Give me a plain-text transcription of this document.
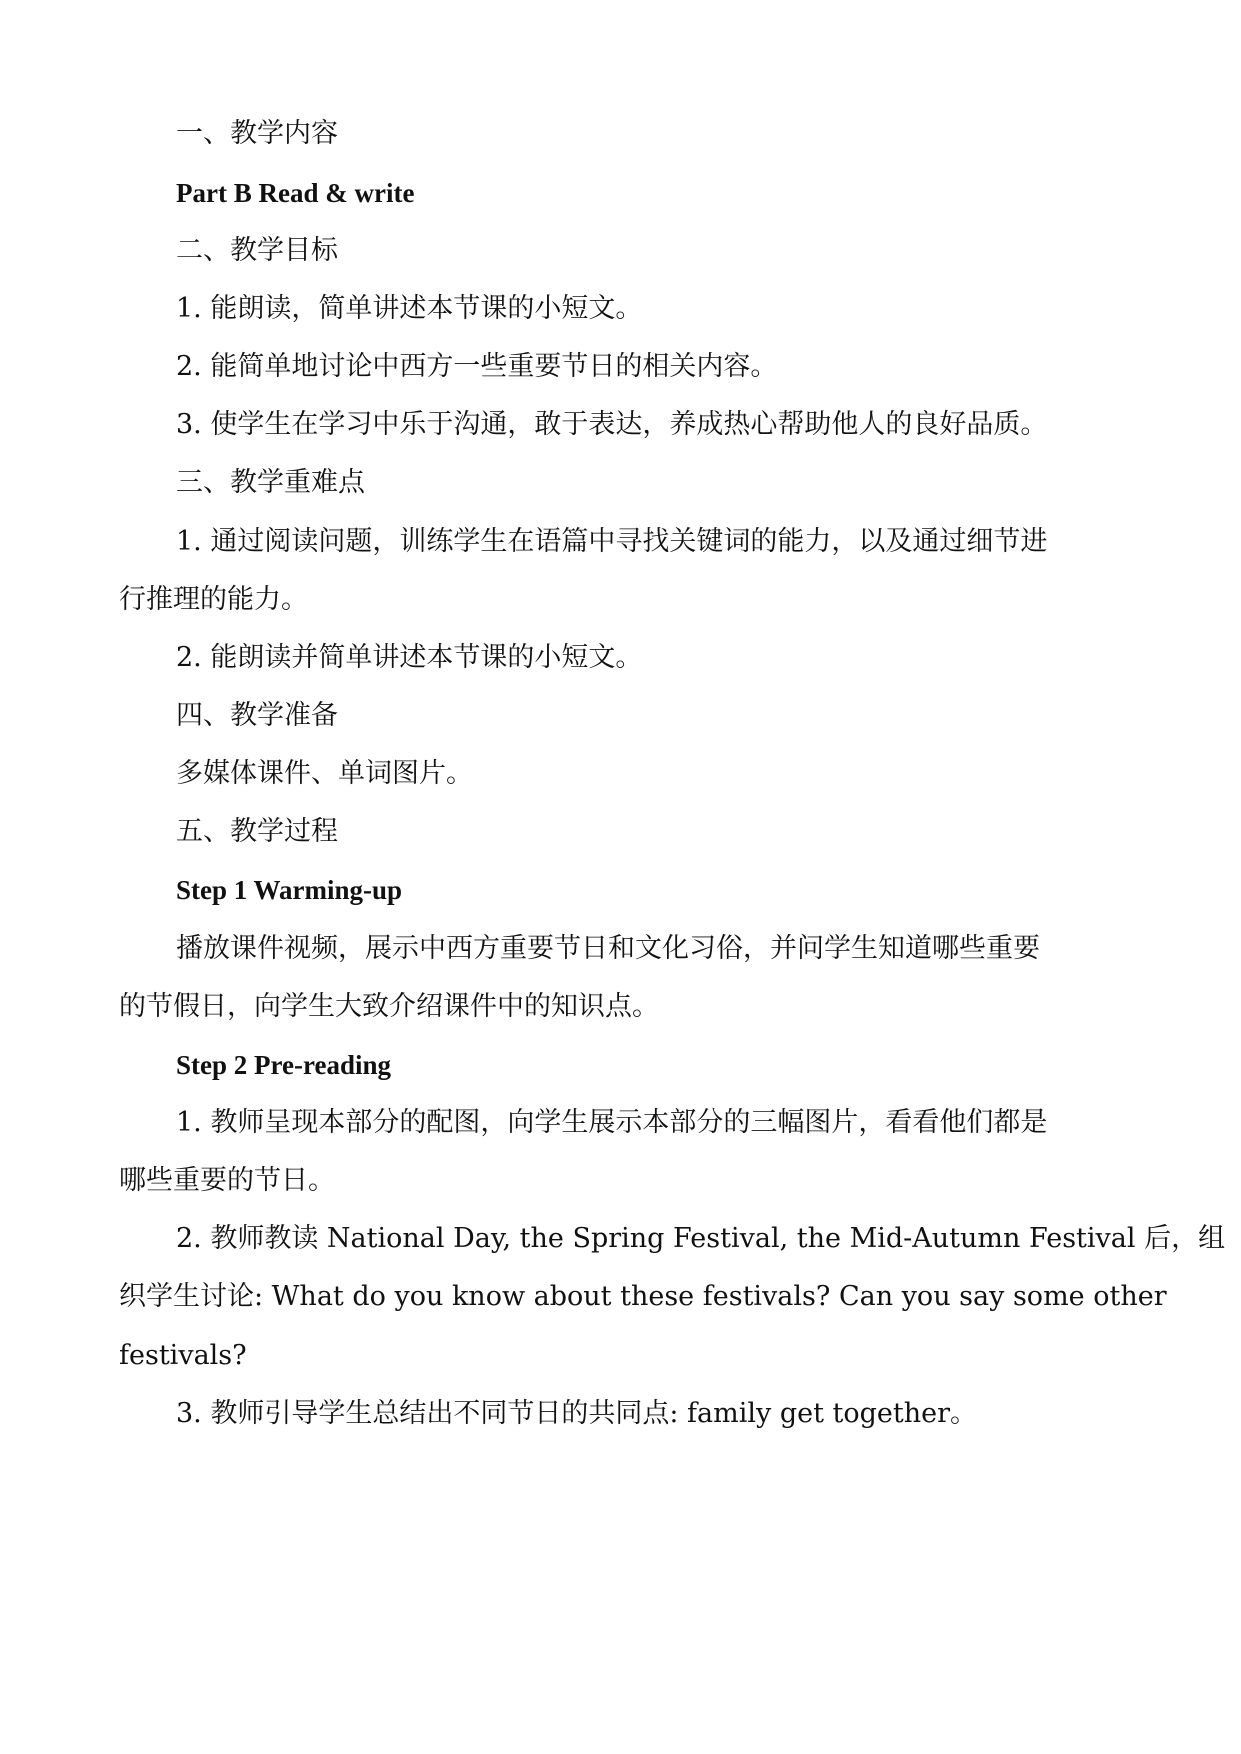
一、教学内容
Part B Read & write
二、教学目标
1. 能朗读，简单讲述本节课的小短文。
2. 能简单地讨论中西方一些重要节日的相关内容。
3. 使学生在学习中乐于沟通，敢于表达，养成热心帮助他人的良好品质。
三、教学重难点
1. 通过阅读问题，训练学生在语篇中寻找关键词的能力，以及通过细节进
行推理的能力。
2. 能朗读并简单讲述本节课的小短文。
四、教学准备
多媒体课件、单词图片。
五、教学过程
Step 1 Warming-up
播放课件视频，展示中西方重要节日和文化习俗，并问学生知道哪些重要
的节假日，向学生大致介绍课件中的知识点。
Step 2 Pre-reading
1. 教师呈现本部分的配图，向学生展示本部分的三幅图片，看看他们都是
哪些重要的节日。
2. 教师教读 National Day, the Spring Festival, the Mid-Autumn Festival 后，组
织学生讨论: What do you know about these festivals? Can you say some other
festivals?
3. 教师引导学生总结出不同节日的共同点: family get together。
